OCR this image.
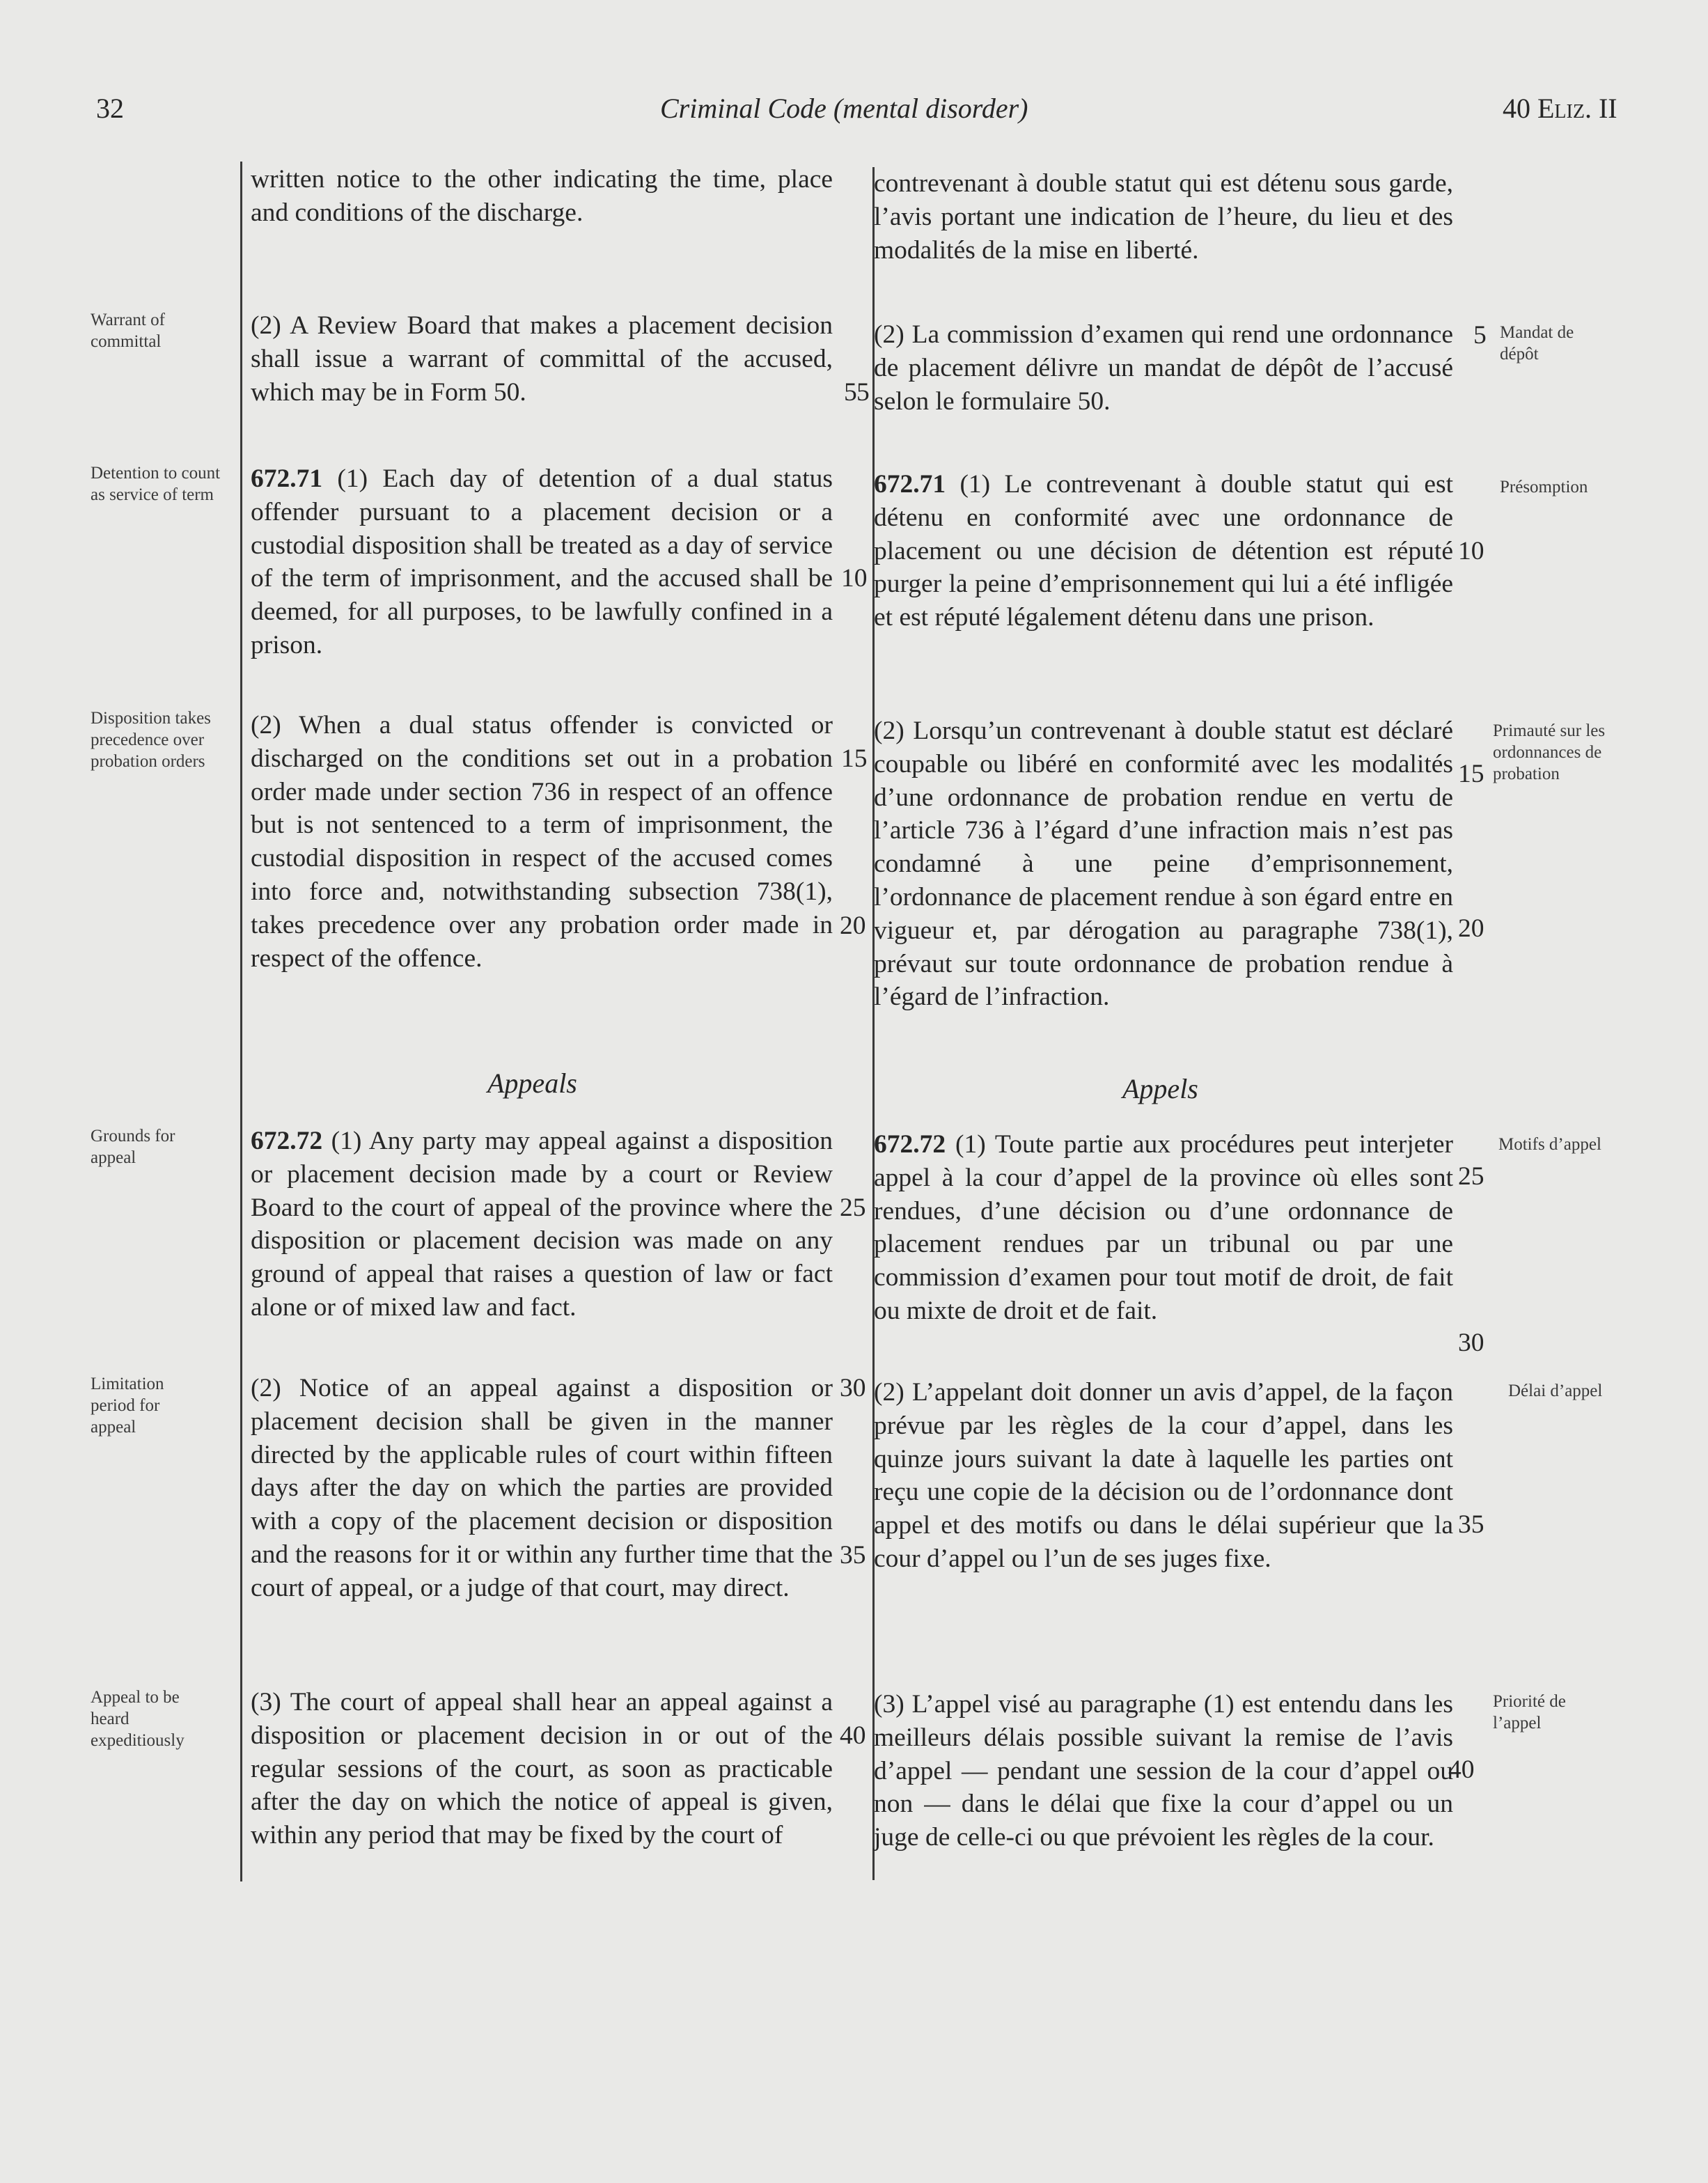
32	Criminal Code (mental disorder)	40 Eliz. II
Warrant of committal
Detention to count as service of term
Disposition takes precedence over probation orders
Grounds for appeal
Limitation period for appeal
Appeal to be heard expeditiously

written notice to the other indicating the time, place and conditions of the discharge.

(2) A Review Board that makes a placement decision shall issue a warrant of committal of the accused, which may be in Form 50.

672.71 (1) Each day of detention of a dual status offender pursuant to a placement decision or a custodial disposition shall be treated as a day of service of the term of imprisonment, and the accused shall be deemed, for all purposes, to be lawfully confined in a prison.

(2) When a dual status offender is convicted or discharged on the conditions set out in a probation order made under section 736 in respect of an offence but is not sentenced to a term of imprisonment, the custodial disposition in respect of the accused comes into force and, notwithstanding subsection 738(1), takes precedence over any probation order made in respect of the offence.

Appeals

672.72 (1) Any party may appeal against a disposition or placement decision made by a court or Review Board to the court of appeal of the province where the disposition or placement decision was made on any ground of appeal that raises a question of law or fact alone or of mixed law and fact.

(2) Notice of an appeal against a disposition or placement decision shall be given in the manner directed by the applicable rules of court within fifteen days after the day on which the parties are provided with a copy of the placement decision or disposition and the reasons for it or within any further time that the court of appeal, or a judge of that court, may direct.

(3) The court of appeal shall hear an appeal against a disposition or placement decision in or out of the regular sessions of the court, as soon as practicable after the day on which the notice of appeal is given, within any period that may be fixed by the court of

5
10
15
20
25
30
35
40

contrevenant à double statut qui est détenu sous garde, l’avis portant une indication de l’heure, du lieu et des modalités de la mise en liberté.

(2) La commission d’examen qui rend une ordonnance de placement délivre un mandat de dépôt de l’accusé selon le formulaire 50.

672.71 (1) Le contrevenant à double statut qui est détenu en conformité avec une ordonnance de placement ou une décision de détention est réputé purger la peine d’emprisonnement qui lui a été infligée et est réputé légalement détenu dans une prison.

(2) Lorsqu’un contrevenant à double statut est déclaré coupable ou libéré en conformité avec les modalités d’une ordonnance de probation rendue en vertu de l’article 736 à l’égard d’une infraction mais n’est pas condamné à une peine d’emprisonnement, l’ordonnance de placement rendue à son égard entre en vigueur et, par dérogation au paragraphe 738(1), prévaut sur toute ordonnance de probation rendue à l’égard de l’infraction.

Appels

672.72 (1) Toute partie aux procédures peut interjeter appel à la cour d’appel de la province où elles sont rendues, d’une décision ou d’une ordonnance de placement rendues par un tribunal ou par une commission d’examen pour tout motif de droit, de fait ou mixte de droit et de fait.

(2) L’appelant doit donner un avis d’appel, de la façon prévue par les règles de la cour d’appel, dans les quinze jours suivant la date à laquelle les parties ont reçu une copie de la décision ou de l’ordonnance dont appel et des motifs ou dans le délai supérieur que la cour d’appel ou l’un de ses juges fixe.

(3) L’appel visé au paragraphe (1) est entendu dans les meilleurs délais possible suivant la remise de l’avis d’appel — pendant une session de la cour d’appel ou non — dans le délai que fixe la cour d’appel ou un juge de celle-ci ou que prévoient les règles de la cour.

5
5
10
15
20
25
30
35
40
Mandat de dépôt
Présomption
Primauté sur les ordonnances de probation
Motifs d’appel
Délai d’appel
Priorité de l’appel
